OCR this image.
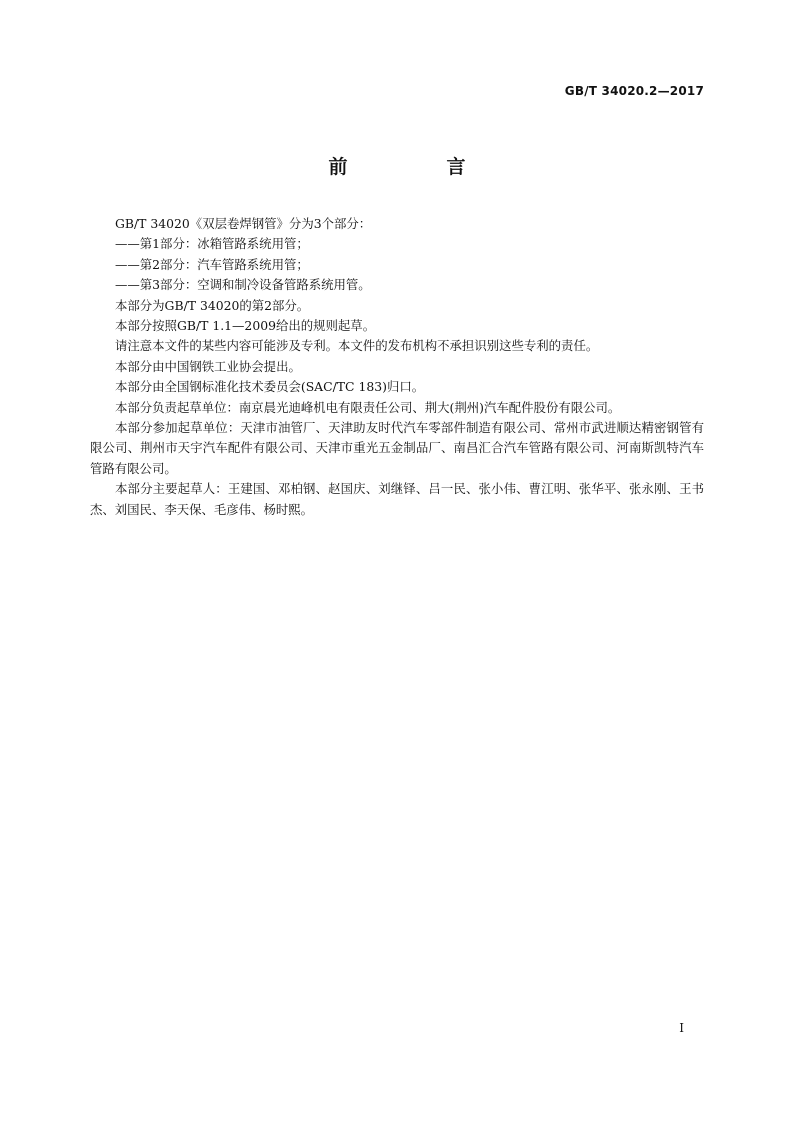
GB/T 34020.2—2017
前　言

GB/T 34020《双层卷焊钢管》分为3个部分：

——第1部分：冰箱管路系统用管；

——第2部分：汽车管路系统用管；

——第3部分：空调和制冷设备管路系统用管。

本部分为GB/T 34020的第2部分。

本部分按照GB/T 1.1—2009给出的规则起草。

请注意本文件的某些内容可能涉及专利。本文件的发布机构不承担识别这些专利的责任。

本部分由中国钢铁工业协会提出。

本部分由全国钢标准化技术委员会(SAC/TC 183)归口。

本部分负责起草单位：南京晨光迪峰机电有限责任公司、荆大(荆州)汽车配件股份有限公司。

本部分参加起草单位：天津市油管厂、天津助友时代汽车零部件制造有限公司、常州市武进顺达精密钢管有限公司、荆州市天宇汽车配件有限公司、天津市重光五金制品厂、南昌汇合汽车管路有限公司、河南斯凯特汽车管路有限公司。

本部分主要起草人：王建国、邓柏钢、赵国庆、刘继铎、吕一民、张小伟、曹江明、张华平、张永刚、王书杰、刘国民、李天保、毛彦伟、杨时熙。

I
